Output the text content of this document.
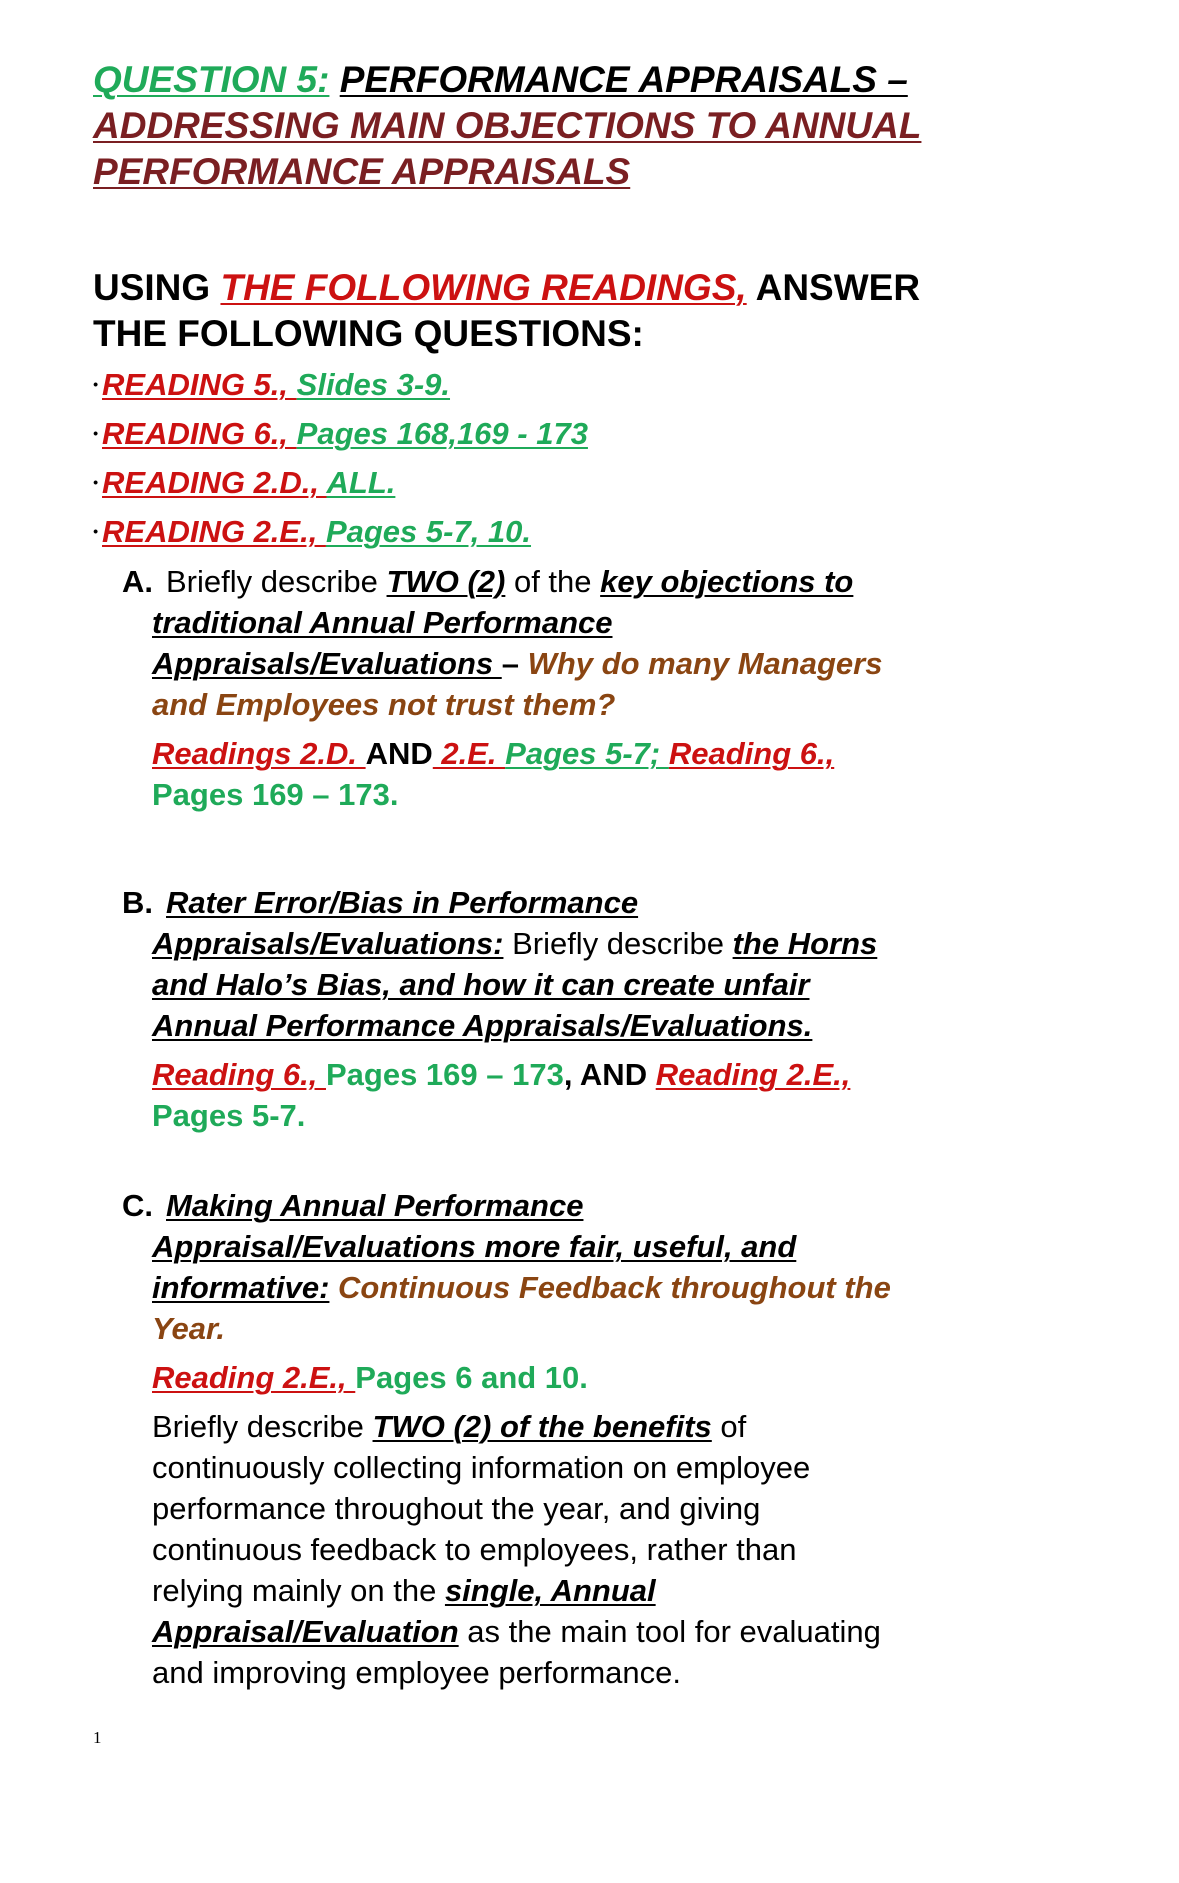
QUESTION 5: PERFORMANCE APPRAISALS –
ADDRESSING MAIN OBJECTIONS TO ANNUAL
PERFORMANCE APPRAISALS
USING THE FOLLOWING READINGS, ANSWER
THE FOLLOWING QUESTIONS:
• READING 5., Slides 3-9.
• READING 6., Pages 168,169 - 173
• READING 2.D., ALL.
• READING 2.E., Pages 5-7, 10.
A. Briefly describe TWO (2) of the key objections to
traditional Annual Performance
Appraisals/Evaluations – Why do many Managers
and Employees not trust them?
Readings 2.D. AND 2.E. Pages 5-7; Reading 6.,
Pages 169 – 173.
B. Rater Error/Bias in Performance
Appraisals/Evaluations: Briefly describe the Horns
and Halo’s Bias, and how it can create unfair
Annual Performance Appraisals/Evaluations.
Reading 6., Pages 169 – 173, AND Reading 2.E.,
Pages 5-7.
C. Making Annual Performance
Appraisal/Evaluations more fair, useful, and
informative: Continuous Feedback throughout the
Year.
Reading 2.E., Pages 6 and 10.
Briefly describe TWO (2) of the benefits of
continuously collecting information on employee
performance throughout the year, and giving
continuous feedback to employees, rather than
relying mainly on the single, Annual
Appraisal/Evaluation as the main tool for evaluating
and improving employee performance.
1
